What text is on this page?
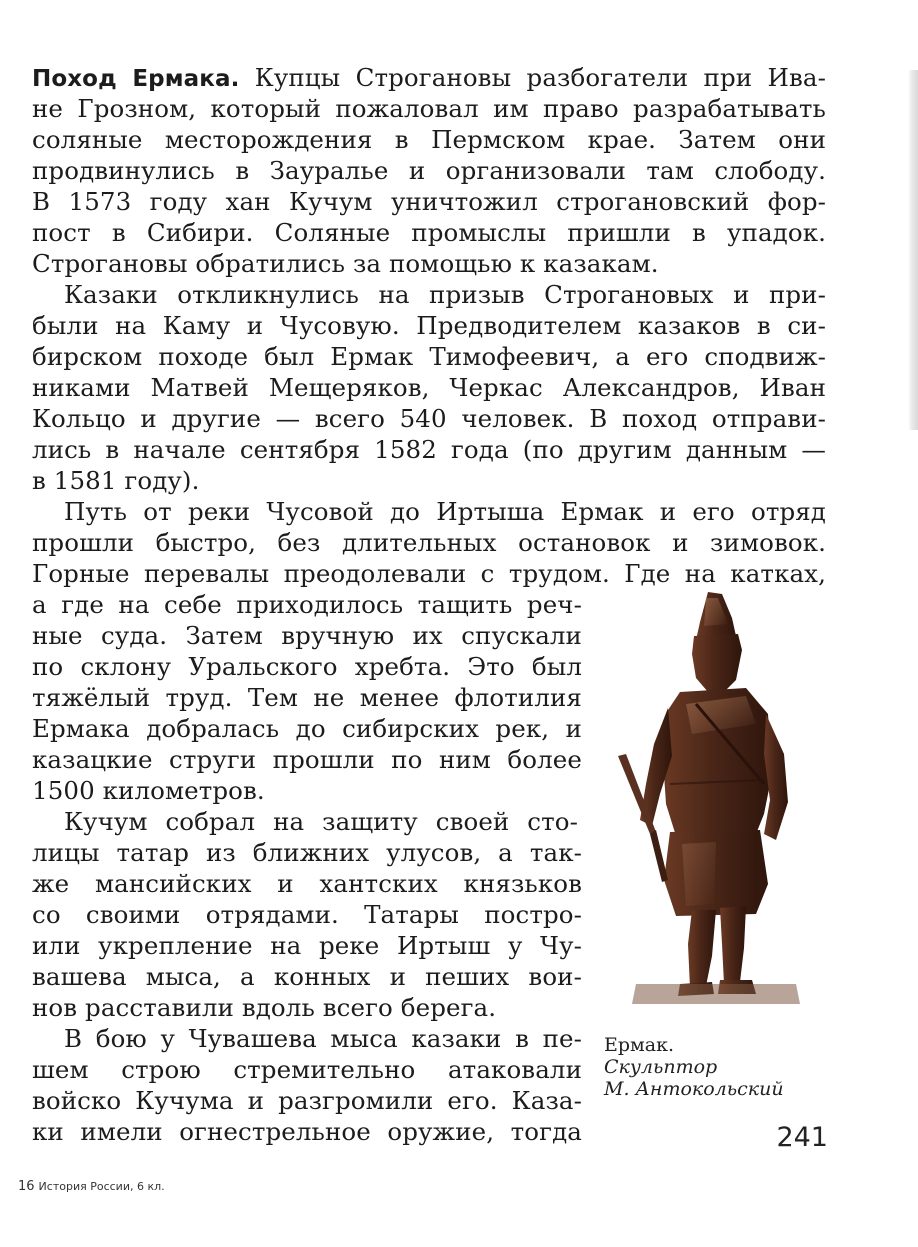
Поход Ермака. Купцы Строгановы разбогатели при Ива-
не Грозном, который пожаловал им право разрабатывать
соляные месторождения в Пермском крае. Затем они
продвинулись в Зауралье и организовали там слободу.
В 1573 году хан Кучум уничтожил строгановский фор-
пост в Сибири. Соляные промыслы пришли в упадок.
Строгановы обратились за помощью к казакам.
Казаки откликнулись на призыв Строгановых и при-
были на Каму и Чусовую. Предводителем казаков в си-
бирском походе был Ермак Тимофеевич, а его сподвиж-
никами Матвей Мещеряков, Черкас Александров, Иван
Кольцо и другие — всего 540 человек. В поход отправи-
лись в начале сентября 1582 года (по другим данным —
в 1581 году).
Путь от реки Чусовой до Иртыша Ермак и его отряд
прошли быстро, без длительных остановок и зимовок.
Горные перевалы преодолевали с трудом. Где на катках,
а где на себе приходилось тащить реч-
ные суда. Затем вручную их спускали
по склону Уральского хребта. Это был
тяжёлый труд. Тем не менее флотилия
Ермака добралась до сибирских рек, и
казацкие струги прошли по ним более
1500 километров.
Кучум собрал на защиту своей сто-
лицы татар из ближних улусов, а так-
же мансийских и хантских князьков
со своими отрядами. Татары постро-
или укрепление на реке Иртыш у Чу-
вашева мыса, а конных и пеших вои-
нов расставили вдоль всего берега.
В бою у Чувашева мыса казаки в пе-
шем строю стремительно атаковали
войско Кучума и разгромили его. Каза-
ки имели огнестрельное оружие, тогда
Ермак.
Скульптор
М. Антокольский
241
16 История России, 6 кл.
